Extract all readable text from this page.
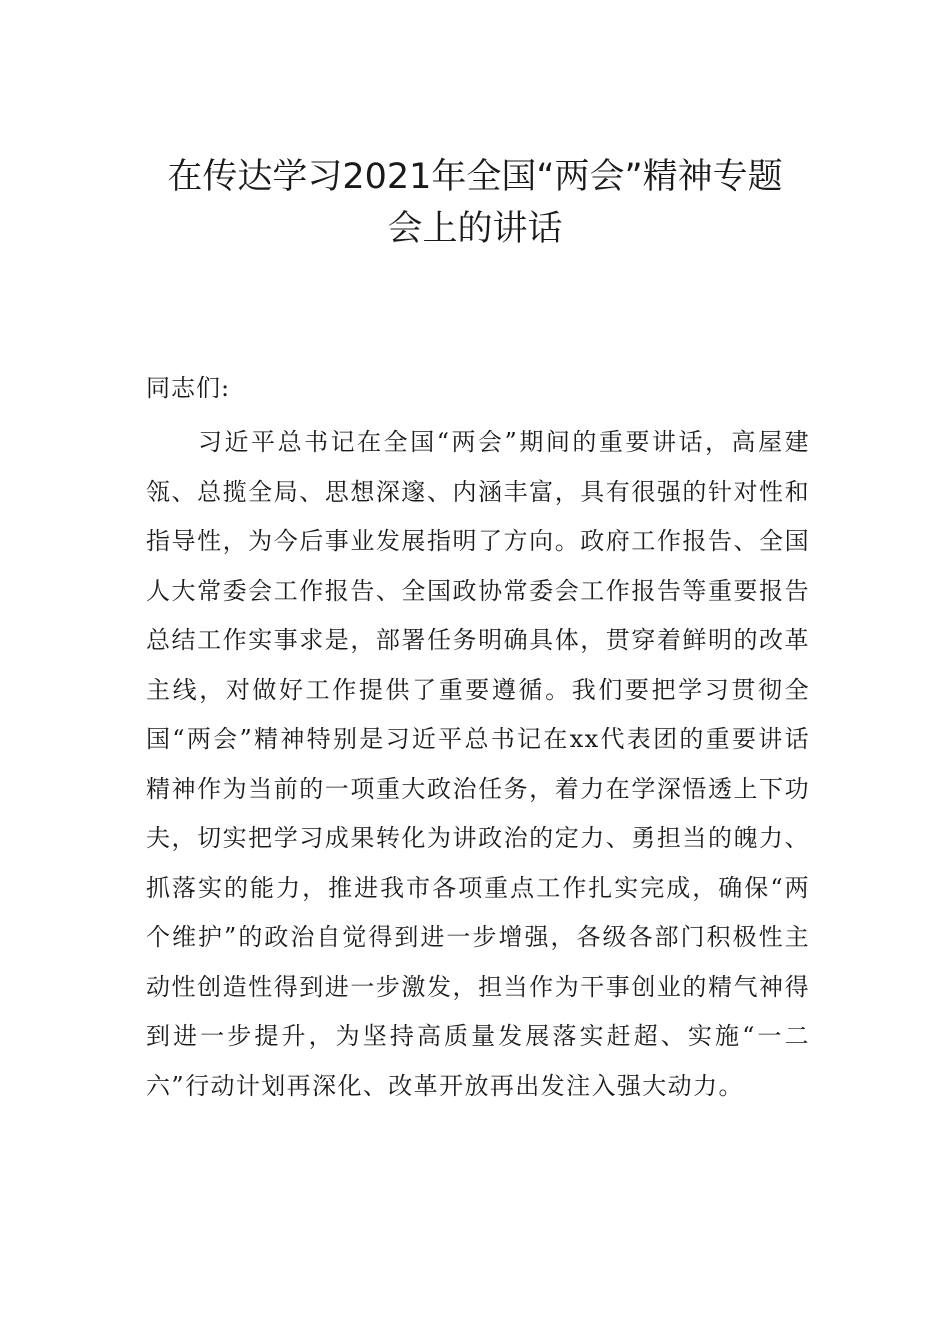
在传达学习2021年全国“两会”精神专题
会上的讲话

同志们:

习近平总书记在全国“两会”期间的重要讲话，高屋建瓴、总揽全局、思想深邃、内涵丰富，具有很强的针对性和指导性，为今后事业发展指明了方向。政府工作报告、全国人大常委会工作报告、全国政协常委会工作报告等重要报告总结工作实事求是，部署任务明确具体，贯穿着鲜明的改革主线，对做好工作提供了重要遵循。我们要把学习贯彻全国“两会”精神特别是习近平总书记在xx代表团的重要讲话精神作为当前的一项重大政治任务，着力在学深悟透上下功夫，切实把学习成果转化为讲政治的定力、勇担当的魄力、抓落实的能力，推进我市各项重点工作扎实完成，确保“两个维护”的政治自觉得到进一步增强，各级各部门积极性主动性创造性得到进一步激发，担当作为干事创业的精气神得到进一步提升，为坚持高质量发展落实赶超、实施“一二六”行动计划再深化、改革开放再出发注入强大动力。
